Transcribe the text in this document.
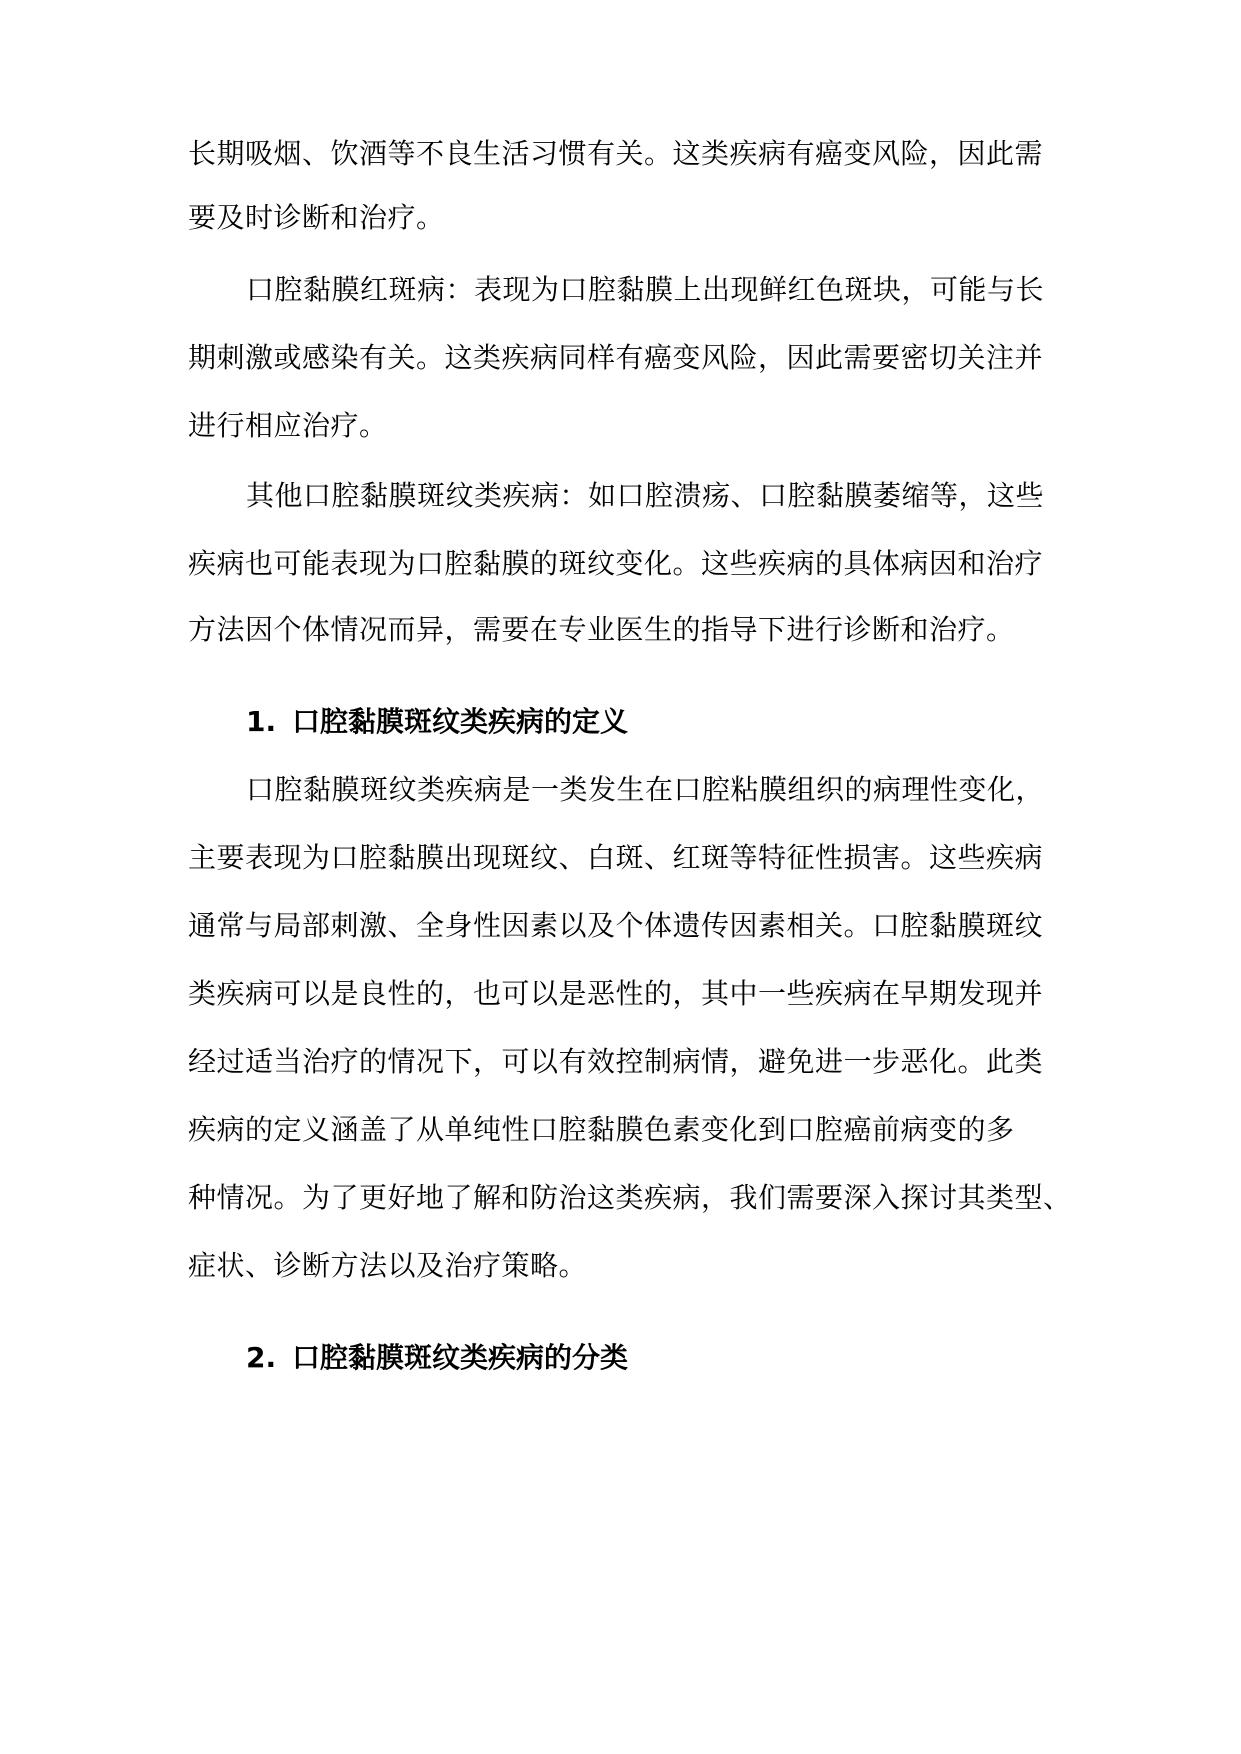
长期吸烟、饮酒等不良生活习惯有关。这类疾病有癌变风险，因此需
要及时诊断和治疗。
口腔黏膜红斑病：表现为口腔黏膜上出现鲜红色斑块，可能与长
期刺激或感染有关。这类疾病同样有癌变风险，因此需要密切关注并
进行相应治疗。
其他口腔黏膜斑纹类疾病：如口腔溃疡、口腔黏膜萎缩等，这些
疾病也可能表现为口腔黏膜的斑纹变化。这些疾病的具体病因和治疗
方法因个体情况而异，需要在专业医生的指导下进行诊断和治疗。
1. 口腔黏膜斑纹类疾病的定义
口腔黏膜斑纹类疾病是一类发生在口腔粘膜组织的病理性变化，
主要表现为口腔黏膜出现斑纹、白斑、红斑等特征性损害。这些疾病
通常与局部刺激、全身性因素以及个体遗传因素相关。口腔黏膜斑纹
类疾病可以是良性的，也可以是恶性的，其中一些疾病在早期发现并
经过适当治疗的情况下，可以有效控制病情，避免进一步恶化。此类
疾病的定义涵盖了从单纯性口腔黏膜色素变化到口腔癌前病变的多
种情况。为了更好地了解和防治这类疾病，我们需要深入探讨其类型、
症状、诊断方法以及治疗策略。
2. 口腔黏膜斑纹类疾病的分类
